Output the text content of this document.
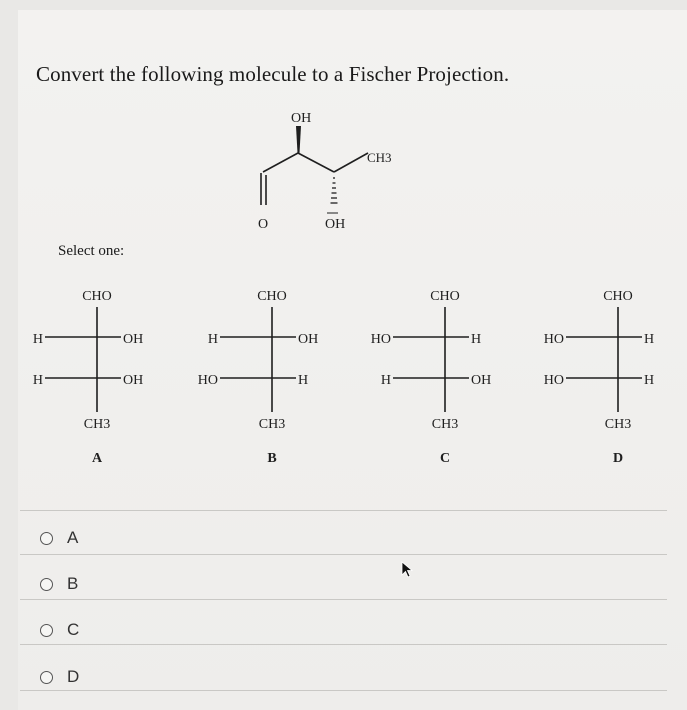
Convert the following molecule to a Fischer Projection.
OH
CH3
O	OH
CHO
H	OH
H	OH
CH3
A
CHO
H	OH
HO	H
CH3
B
CHO
HO	H
H	OH
CH3
C
CHO
HO	H
HO	H
CH3
D
Select one:
A
B
C
D
